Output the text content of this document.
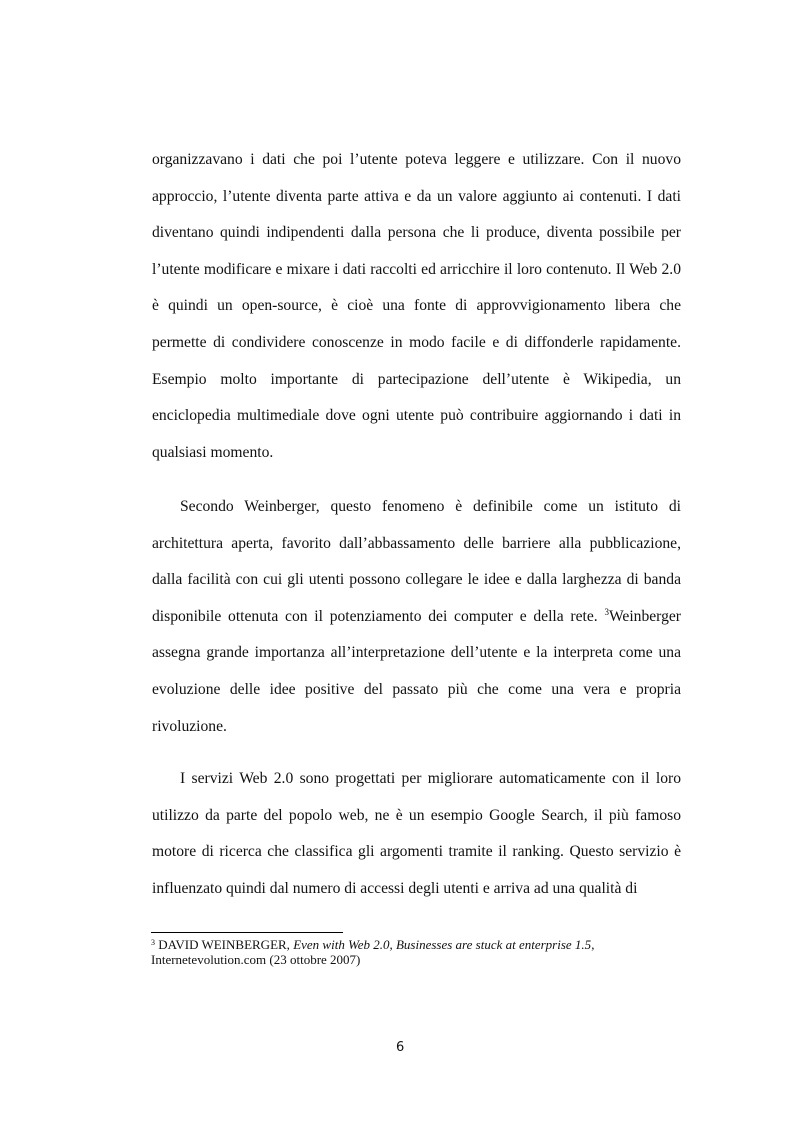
organizzavano i dati che poi l’utente poteva leggere e utilizzare. Con il nuovo approccio, l’utente diventa parte attiva e da un valore aggiunto ai contenuti. I dati diventano quindi indipendenti dalla persona che li produce, diventa possibile per l’utente modificare e mixare i dati raccolti ed arricchire il loro contenuto. Il Web 2.0 è quindi un open-source, è cioè una fonte di approvvigionamento libera che permette di condividere conoscenze in modo facile e di diffonderle rapidamente. Esempio molto importante di partecipazione dell’utente è Wikipedia, un enciclopedia multimediale dove ogni utente può contribuire aggiornando i dati in qualsiasi momento.

Secondo Weinberger, questo fenomeno è definibile come un istituto di architettura aperta, favorito dall’abbassamento delle barriere alla pubblicazione, dalla facilità con cui gli utenti possono collegare le idee e dalla larghezza di banda disponibile ottenuta con il potenziamento dei computer e della rete. $^3$Weinberger assegna grande importanza all’interpretazione dell’utente e la interpreta come una evoluzione delle idee positive del passato più che come una vera e propria rivoluzione.

I servizi Web 2.0 sono progettati per migliorare automaticamente con il loro utilizzo da parte del popolo web, ne è un esempio Google Search, il più famoso motore di ricerca che classifica gli argomenti tramite il ranking. Questo servizio è influenzato quindi dal numero di accessi degli utenti e arriva ad una qualità di

$^3$ DAVID WEINBERGER, Even with Web 2.0, Businesses are stuck at enterprise 1.5, Internetevolution.com (23 ottobre 2007)

6
